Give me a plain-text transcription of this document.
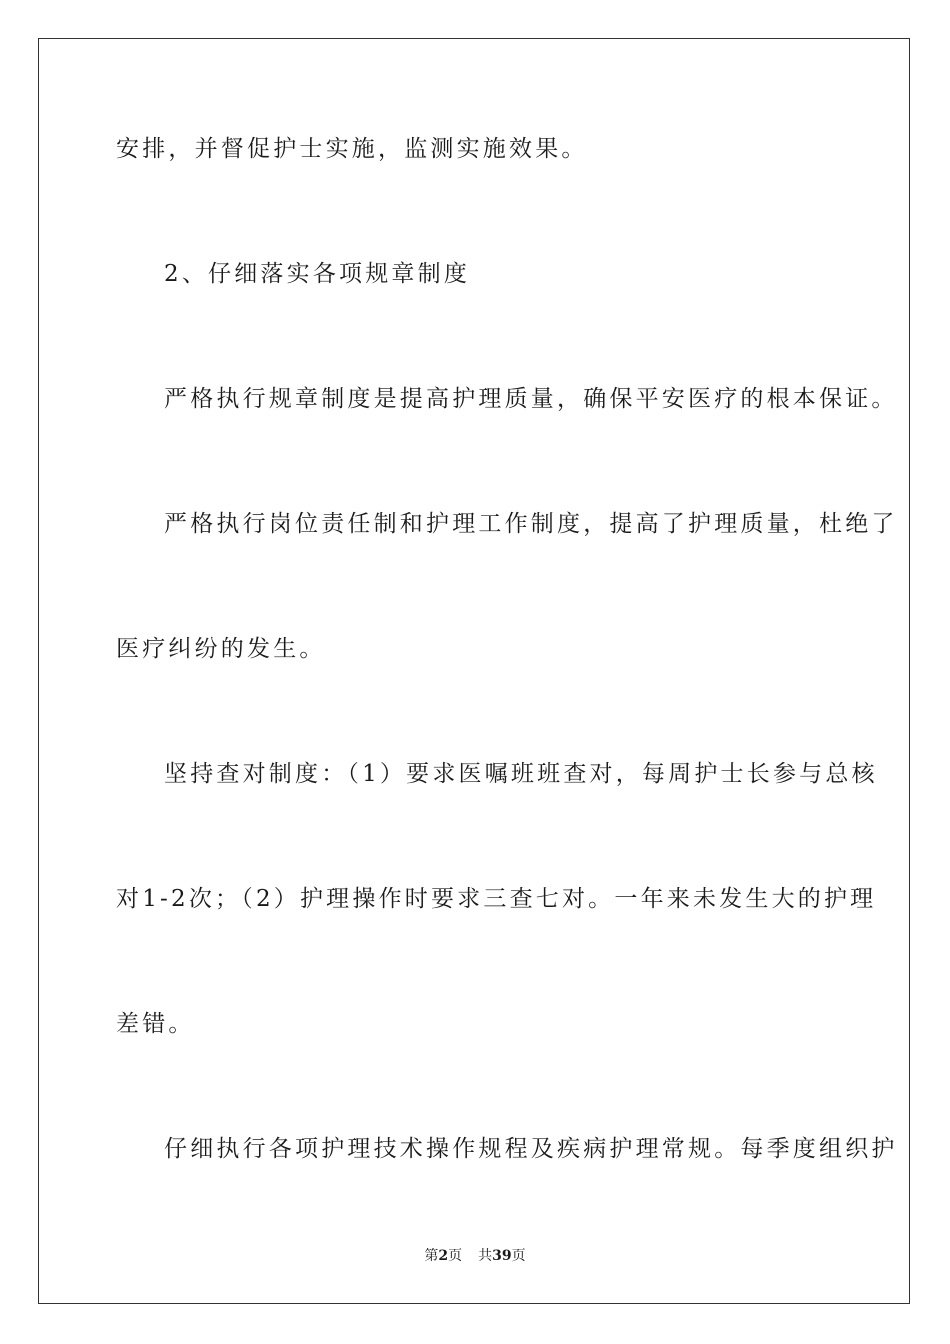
安排，并督促护士实施，监测实施效果。
2、仔细落实各项规章制度
严格执行规章制度是提高护理质量，确保平安医疗的根本保证。
严格执行岗位责任制和护理工作制度，提高了护理质量，杜绝了
医疗纠纷的发生。
坚持查对制度：（1）要求医嘱班班查对，每周护士长参与总核
对1-2次；（2）护理操作时要求三查七对。一年来未发生大的护理
差错。
仔细执行各项护理技术操作规程及疾病护理常规。每季度组织护
第2页 共39页
